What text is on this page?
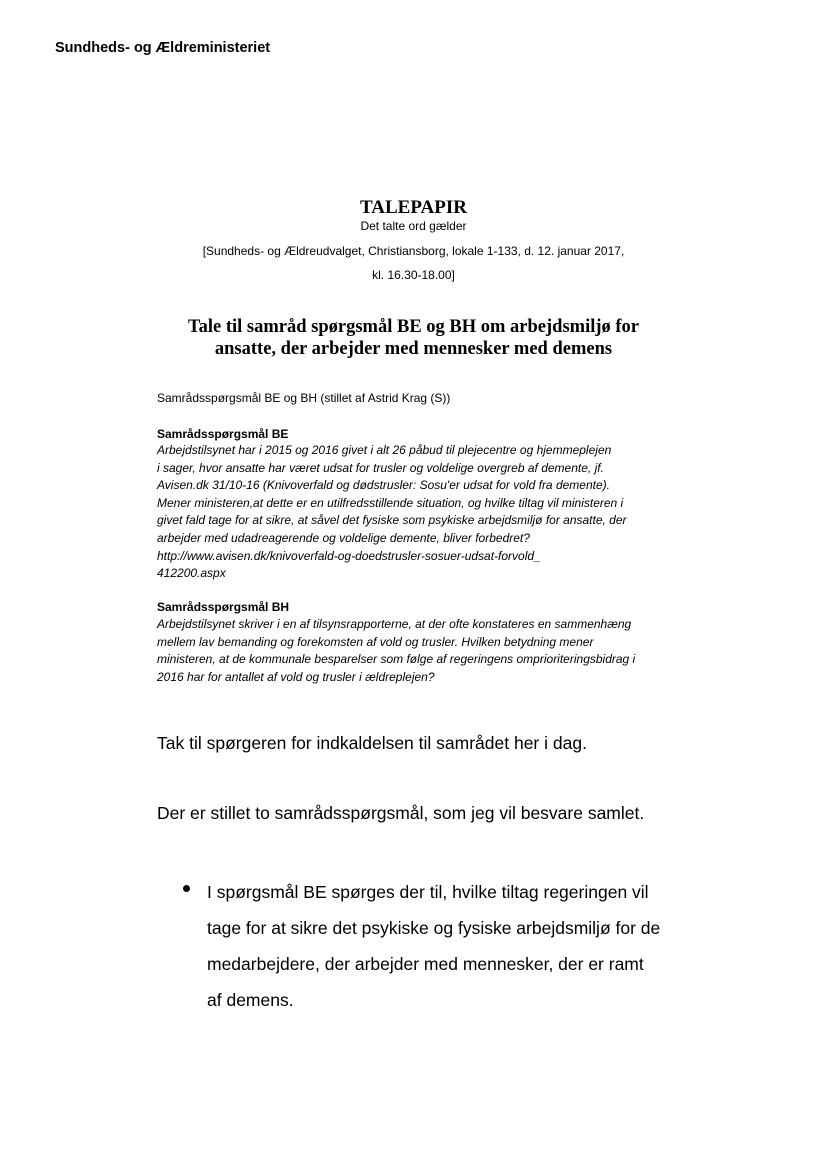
Sundheds- og Ældreministeriet
TALEPAPIR
Det talte ord gælder
[Sundheds- og Ældreudvalget, Christiansborg, lokale 1-133, d. 12. januar 2017,
kl. 16.30-18.00]
Tale til samråd spørgsmål BE og BH om arbejdsmiljø for
ansatte, der arbejder med mennesker med demens
Samrådsspørgsmål BE og BH (stillet af Astrid Krag (S))
Samrådsspørgsmål BE
Arbejdstilsynet har i 2015 og 2016 givet i alt 26 påbud til plejecentre og hjemmeplejen
i sager, hvor ansatte har været udsat for trusler og voldelige overgreb af demente, jf.
Avisen.dk 31/10-16 (Knivoverfald og dødstrusler: Sosu'er udsat for vold fra demente).
Mener ministeren,at dette er en utilfredsstillende situation, og hvilke tiltag vil ministeren i
givet fald tage for at sikre, at såvel det fysiske som psykiske arbejdsmiljø for ansatte, der
arbejder med udadreagerende og voldelige demente, bliver forbedret?
http://www.avisen.dk/knivoverfald-og-doedstrusler-sosuer-udsat-forvold_
412200.aspx
Samrådsspørgsmål BH
Arbejdstilsynet skriver i en af tilsynsrapporterne, at der ofte konstateres en sammenhæng
mellem lav bemanding og forekomsten af vold og trusler. Hvilken betydning mener
ministeren, at de kommunale besparelser som følge af regeringens omprioriteringsbidrag i
2016 har for antallet af vold og trusler i ældreplejen?
Tak til spørgeren for indkaldelsen til samrådet her i dag.
Der er stillet to samrådsspørgsmål, som jeg vil besvare samlet.
I spørgsmål BE spørges der til, hvilke tiltag regeringen vil
tage for at sikre det psykiske og fysiske arbejdsmiljø for de
medarbejdere, der arbejder med mennesker, der er ramt
af demens.
